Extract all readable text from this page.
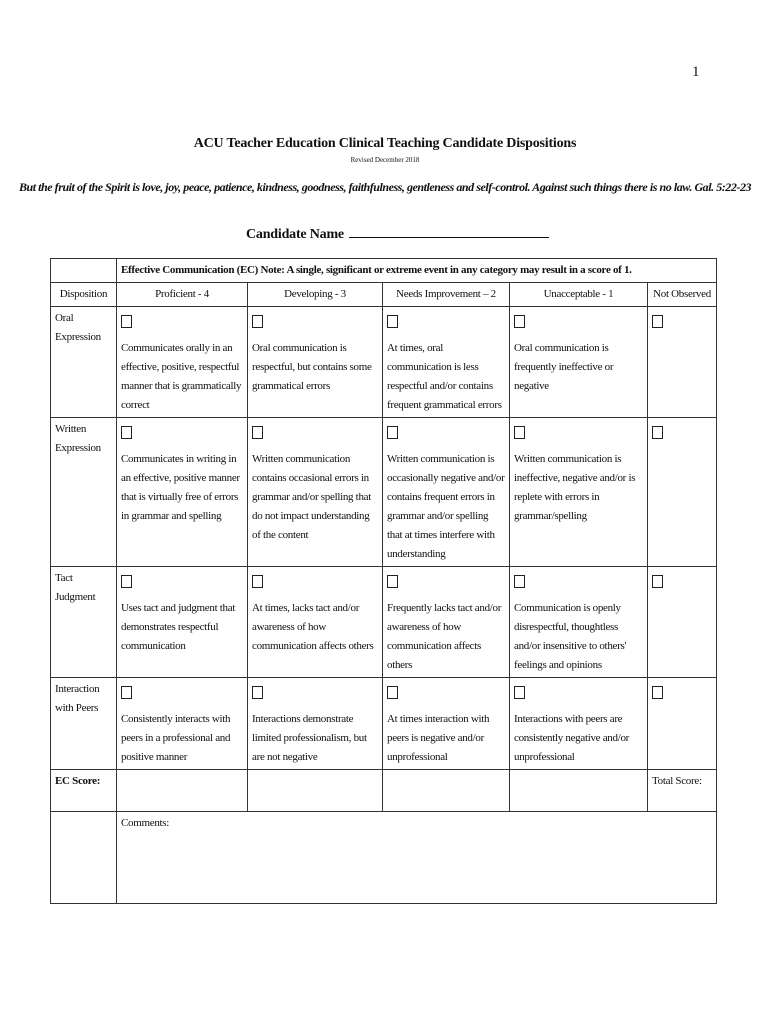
1
ACU Teacher Education Clinical Teaching Candidate Dispositions
Revised December 2018
But the fruit of the Spirit is love, joy, peace, patience, kindness, goodness, faithfulness, gentleness and self-control. Against such things there is no law. Gal. 5:22-23
Candidate Name
	Effective Communication (EC) Note: A single, significant or extreme event in any category may result in a score of 1.				
Disposition	Proficient - 4	Developing - 3	Needs Improvement – 2	Unacceptable - 1	Not Observed
Oral Expression	Communicates orally in an effective, positive, respectful manner that is grammatically correct	Oral communication is respectful, but contains some grammatical errors	At times, oral communication is less respectful and/or contains frequent grammatical errors	Oral communication is frequently ineffective or negative	

Written Expression	Communicates in writing in an effective, positive manner that is virtually free of errors in grammar and spelling	Written communication contains occasional errors in grammar and/or spelling that do not impact understanding of the content	Written communication is occasionally negative and/or contains frequent errors in grammar and/or spelling that at times interfere with understanding	Written communication is ineffective, negative and/or is replete with errors in grammar/spelling	

Tact Judgment	Uses tact and judgment that demonstrates respectful communication	At times, lacks tact and/or awareness of how communication affects others	Frequently lacks tact and/or awareness of how communication affects others	Communication is openly disrespectful, thoughtless and/or insensitive to others' feelings and opinions	

Interaction with Peers	Consistently interacts with peers in a professional and positive manner	Interactions demonstrate limited professionalism, but are not negative	At times interaction with peers is negative and/or unprofessional	Interactions with peers are consistently negative and/or unprofessional	

EC Score:					Total Score:
	Comments:				
